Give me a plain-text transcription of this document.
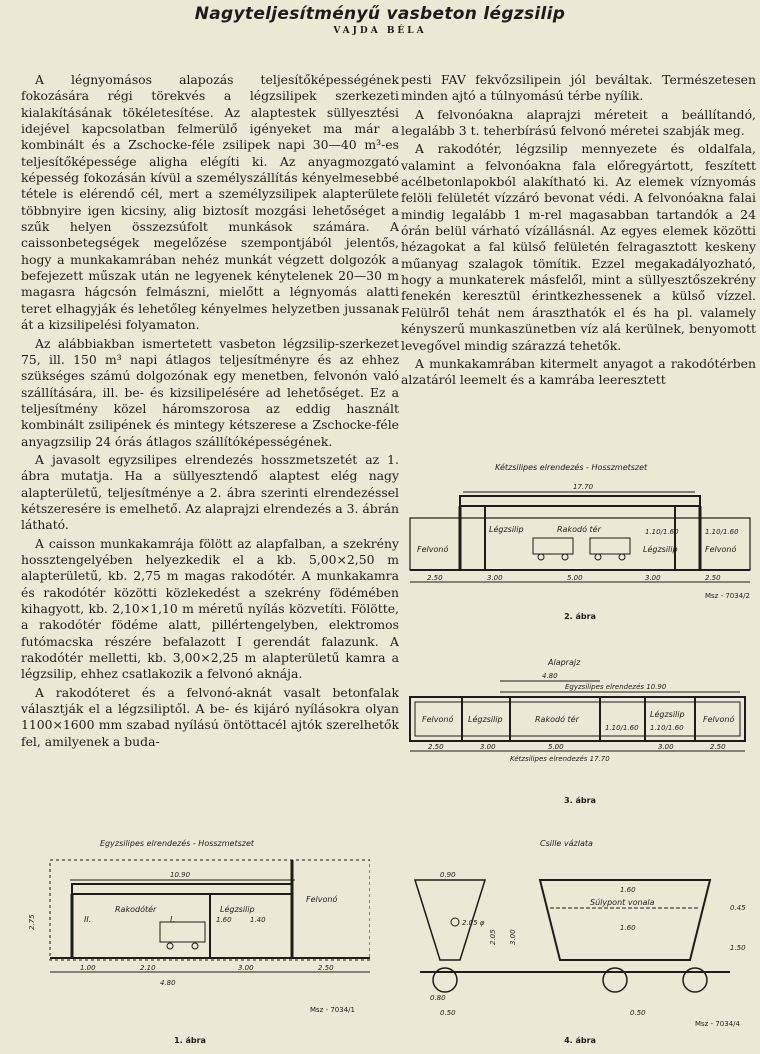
Nagyteljesítményű vasbeton légzsilip
VAJDA BÉLA

A légnyomásos alapozás teljesítőképességének fokozására régi törekvés a légzsilipek szerkezeti kialakításának tökéletesítése. Az alaptestek süllyesztési idejével kapcsolatban felmerülő igényeket ma már a kombinált és a Zschocke-féle zsilipek napi 30—40 m³-es teljesítőképessége aligha elégíti ki. Az anyagmozgató képesség fokozásán kívül a személyszállítás kényelmesebbé tétele is elérendő cél, mert a személyzsilipek alapterülete többnyire igen kicsiny, alig biztosít mozgási lehetőséget a szűk helyen összezsúfolt munkások számára. A caissonbetegségek megelőzése szempontjából jelentős, hogy a munkakamrában nehéz munkát végzett dolgozók a befejezett műszak után ne legyenek kénytelenek 20—30 m magasra hágcsón felmászni, mielőtt a légnyomás alatti teret elhagyják és lehetőleg kényelmes helyzetben jussanak át a kizsilipelési folyamaton.

Az alábbiakban ismertetett vasbeton légzsilip-szerkezet 75, ill. 150 m³ napi átlagos teljesítményre és az ehhez szükséges számú dolgozónak egy menetben, felvonón való szállítására, ill. be- és kizsilipelésére ad lehetőséget. Ez a teljesítmény közel háromszorosa az eddig használt kombinált zsilipének és mintegy kétszerese a Zschocke-féle anyagzsilip 24 órás átlagos szállítóképességének.

A javasolt egyzsilipes elrendezés hosszmetszetét az 1. ábra mutatja. Ha a süllyesztendő alaptest elég nagy alapterületű, teljesítménye a 2. ábra szerinti elrendezéssel kétszeresére is emelhető. Az alaprajzi elrendezés a 3. ábrán látható.

A caisson munkakamrája fölött az alapfalban, a szekrény hossztengelyében helyezkedik el a kb. 5,00×2,50 m alapterületű, kb. 2,75 m magas rakodótér. A munkakamra és rakodótér közötti közlekedést a szekrény födémében kihagyott, kb. 2,10×1,10 m méretű nyílás közvetíti. Fölötte, a rakodótér födéme alatt, pillértengelyben, elektromos futómacska részére befalazott I gerendát falazunk. A rakodótér melletti, kb. 3,00×2,25 m alapterületű kamra a légzsilip, ehhez csatlakozik a felvonó aknája.

A rakodóteret és a felvonó-aknát vasalt betonfalak választják el a légzsiliptől. A be- és kijáró nyílásokra olyan 1100×1600 mm szabad nyílású öntöttacél ajtók szerelhetők fel, amilyenek a buda-

pesti FAV fekvőzsilipein jól beváltak. Természetesen minden ajtó a túlnyomású térbe nyílik.

A felvonóakna alaprajzi méreteit a beállítandó, legalább 3 t. teherbírású felvonó méretei szabják meg.

A rakodótér, légzsilip mennyezete és oldalfala, valamint a felvonóakna fala előregyártott, feszített acélbetonlapokból alakítható ki. Az elemek víznyomás felöli felületét vízzáró bevonat védi. A felvonóakna falai mindig legalább 1 m-rel magasabban tartandók a 24 órán belül várható vízállásnál. Az egyes elemek közötti hézagokat a fal külső felületén felragasztott keskeny műanyag szalagok tömítik. Ezzel megakadályozható, hogy a munkaterek másfelől, mint a süllyesztőszekrény fenekén keresztül érintkezhessenek a külső vízzel. Felülről tehát nem áraszthatók el és ha pl. valamely kényszerű munkaszünetben víz alá kerülnek, benyomott levegővel mindig szárazzá tehetők.

A munkakamrában kitermelt anyagot a rakodótérben alzatáról leemelt és a kamrába leeresztett

Kétzsilipes elrendezés - Hosszmetszet
17.70
Felvonó
Légzsilip	Rakodó tér
Légzsilip	Felvonó
1.10/1.60	1.10/1.60
2.50	3.00	5.00	3.00	2.50
Msz - 7034/2
2. ábra
Alaprajz
4.80
Egyzsilipes elrendezés 10.90
Felvonó Légzsilip	Rakodó tér
Légzsilip
Felvonó
1.10/1.60
1.10/1.60
2.50	3.00	5.00	3.00	2.50
Kétzsilipes elrendezés 17.70
3. ábra
Egyzsilipes elrendezés - Hosszmetszet
10.90
Rakodótér	Légzsilip
Felvonó
II.	I.	1.60	1.40
2.75
1.00	2.10
4.80
3.00	2.50
Msz - 7034/1
1. ábra
Csille vázlata
2.05 φ
0.90
Súlypont vonala
1.60
0.80
1.60
0.45
1.50
0.50	0.50
3.00
2.05
Msz - 7034/4
4. ábra
